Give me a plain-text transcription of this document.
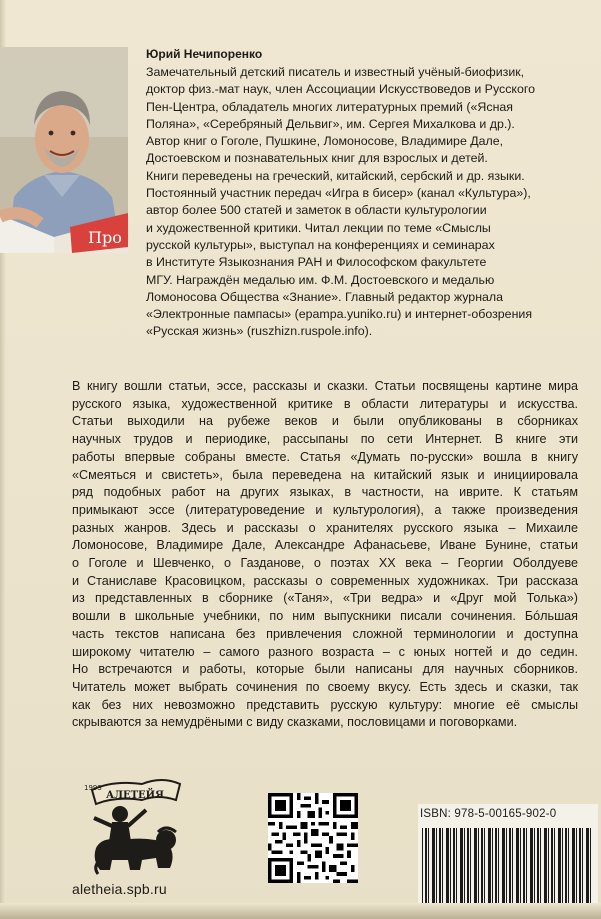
Про
Юрий Нечипоренко
Замечательный детский писатель и известный учёный-биофизик,
доктор физ.-мат наук, член Ассоциации Искусствоведов и Русского
Пен-Центра, обладатель многих литературных премий («Ясная
Поляна», «Серебряный Дельвиг», им. Сергея Михалкова и др.).
Автор книг о Гоголе, Пушкине, Ломоносове, Владимире Дале,
Достоевском и познавательных книг для взрослых и детей.
Книги переведены на греческий, китайский, сербский и др. языки.
Постоянный участник передач «Игра в бисер» (канал «Культура»),
автор более 500 статей и заметок в области культурологии
и художественной критики. Читал лекции по теме «Смыслы
русской культуры», выступал на конференциях и семинарах
в Институте Языкознания РАН и Философском факультете
МГУ. Награждён медалью им. Ф.М. Достоевского и медалью
Ломоносова Общества «Знание». Главный редактор журнала
«Электронные пампасы» (epampa.yuniko.ru) и интернет-обозрения
«Русская жизнь» (ruszhizn.ruspole.info).
В книгу вошли статьи, эссе, рассказы и сказки. Статьи посвящены картине мира
русского языка, художественной критике в области литературы и искусства.
Статьи выходили на рубеже веков и были опубликованы в сборниках
научных трудов и периодике, рассыпаны по сети Интернет. В книге эти
работы впервые собраны вместе. Статья «Думать по-русски» вошла в книгу
«Смеяться и свистеть», была переведена на китайский язык и инициировала
ряд подобных работ на других языках, в частности, на иврите. К статьям
примыкают эссе (литературоведение и культурология), а также произведения
разных жанров. Здесь и рассказы о хранителях русского языка – Михаиле
Ломоносове, Владимире Дале, Александре Афанасьеве, Иване Бунине, статьи
о Гоголе и Шевченко, о Газданове, о поэтах XX века – Георгии Оболдуеве
и Станиславе Красовицком, рассказы о современных художниках. Три рассказа
из представленных в сборнике («Таня», «Три ведра» и «Друг мой Толька»)
вошли в школьные учебники, по ним выпускники писали сочинения. Бóльшая
часть текстов написана без привлечения сложной терминологии и доступна
широкому читателю – самого разного возраста – с юных ногтей и до седин.
Но встречаются и работы, которые были написаны для научных сборников.
Читатель может выбрать сочинения по своему вкусу. Есть здесь и сказки, так
как без них невозможно представить русскую культуру: многие её смыслы
скрываются за немудрёными с виду сказками, пословицами и поговорками.
АЛЕТЕЙЯ
1993
aletheia.spb.ru
ISBN: 978-5-00165-902-0
